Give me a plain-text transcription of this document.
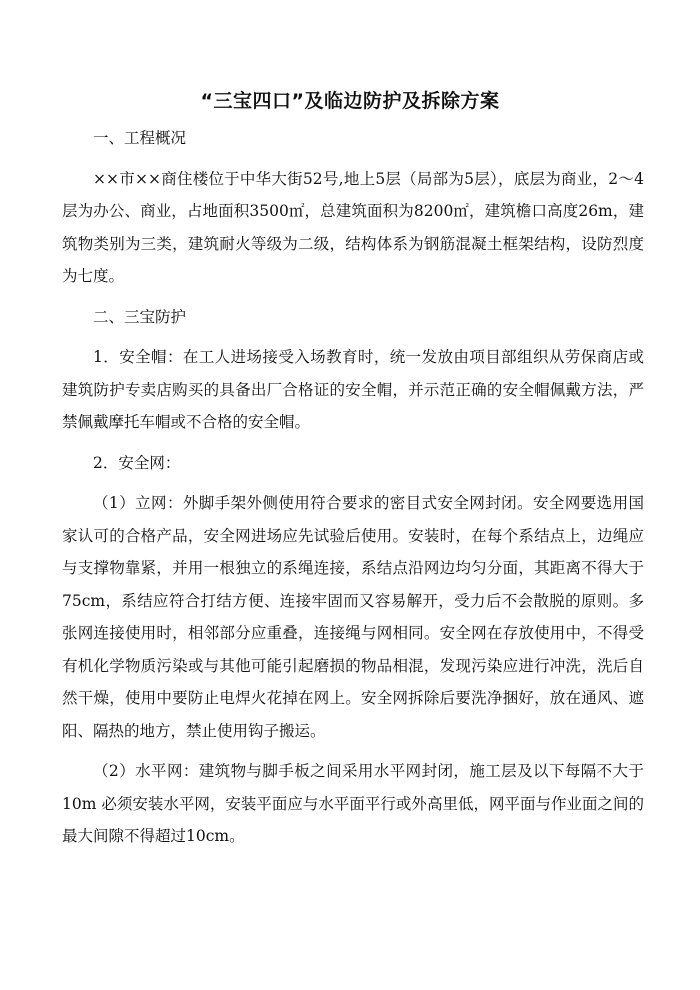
“三宝四口”及临边防护及拆除方案

一、工程概况

××市××商住楼位于中华大街52号,地上5层（局部为5层），底层为商业，2～4层为办公、商业，占地面积3500㎡，总建筑面积为8200㎡，建筑檐口高度26m，建筑物类别为三类，建筑耐火等级为二级，结构体系为钢筋混凝土框架结构，设防烈度为七度。

二、三宝防护

1．安全帽：在工人进场接受入场教育时，统一发放由项目部组织从劳保商店或建筑防护专卖店购买的具备出厂合格证的安全帽，并示范正确的安全帽佩戴方法，严禁佩戴摩托车帽或不合格的安全帽。

2．安全网：

（1）立网：外脚手架外侧使用符合要求的密目式安全网封闭。安全网要选用国家认可的合格产品，安全网进场应先试验后使用。安装时，在每个系结点上，边绳应与支撑物靠紧，并用一根独立的系绳连接，系结点沿网边均匀分面，其距离不得大于75cm，系结应符合打结方便、连接牢固而又容易解开，受力后不会散脱的原则。多张网连接使用时，相邻部分应重叠，连接绳与网相同。安全网在存放使用中，不得受有机化学物质污染或与其他可能引起磨损的物品相混，发现污染应进行冲洗，洗后自然干燥，使用中要防止电焊火花掉在网上。安全网拆除后要洗净捆好，放在通风、遮阳、隔热的地方，禁止使用钩子搬运。

（2）水平网：建筑物与脚手板之间采用水平网封闭，施工层及以下每隔不大于10m 必须安装水平网，安装平面应与水平面平行或外高里低，网平面与作业面之间的最大间隙不得超过10cm。
